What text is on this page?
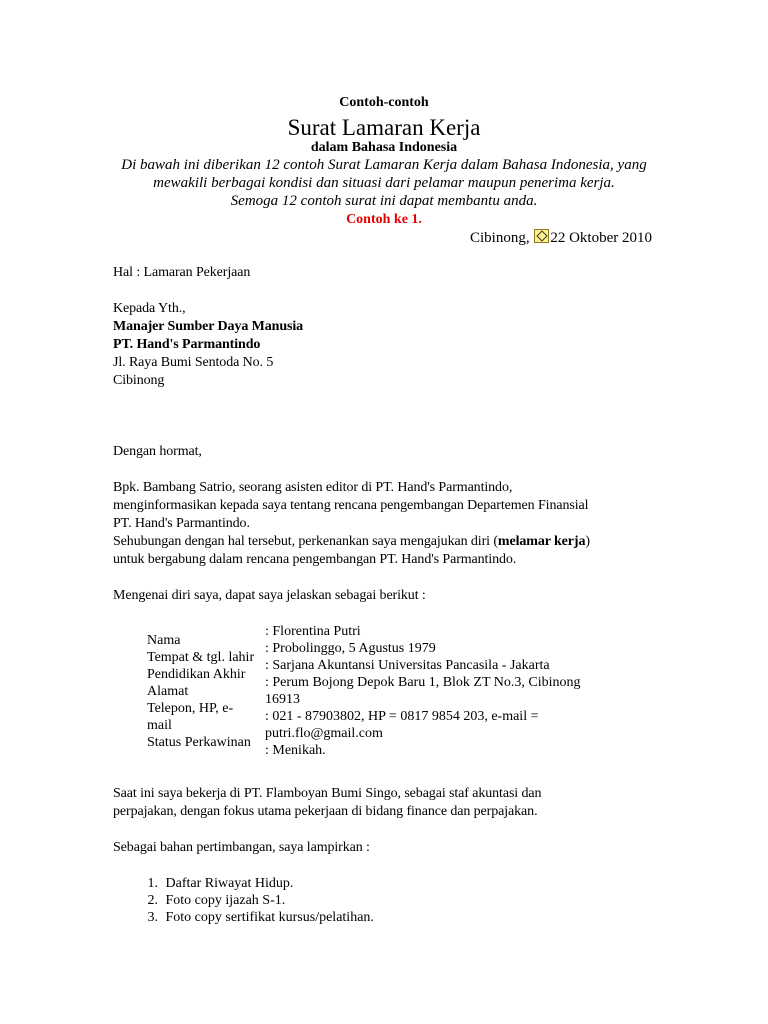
Contoh-contoh
Surat Lamaran Kerja
dalam Bahasa Indonesia
Di bawah ini diberikan 12 contoh Surat Lamaran Kerja dalam Bahasa Indonesia, yang
mewakili berbagai kondisi dan situasi dari pelamar maupun penerima kerja.
Semoga 12 contoh surat ini dapat membantu anda.
Contoh ke 1.
Cibinong, 22 Oktober 2010
Hal : Lamaran Pekerjaan
Kepada Yth.,
Manajer Sumber Daya Manusia
PT. Hand's Parmantindo
Jl. Raya Bumi Sentoda No. 5
Cibinong
Dengan hormat,
Bpk. Bambang Satrio, seorang asisten editor di PT. Hand's Parmantindo,
menginformasikan kepada saya tentang rencana pengembangan Departemen Finansial
PT. Hand's Parmantindo.
Sehubungan dengan hal tersebut, perkenankan saya mengajukan diri (melamar kerja)
untuk bergabung dalam rencana pengembangan PT. Hand's Parmantindo.
Mengenai diri saya, dapat saya jelaskan sebagai berikut :
Nama
Tempat & tgl. lahir
Pendidikan Akhir
Alamat
Telepon, HP, e-
mail
Status Perkawinan
: Florentina Putri
: Probolinggo, 5 Agustus 1979
: Sarjana Akuntansi Universitas Pancasila - Jakarta
: Perum Bojong Depok Baru 1, Blok ZT No.3, Cibinong
16913
: 021 - 87903802, HP = 0817 9854 203, e-mail =
putri.flo@gmail.com
: Menikah.
Saat ini saya bekerja di PT. Flamboyan Bumi Singo, sebagai staf akuntasi dan
perpajakan, dengan fokus utama pekerjaan di bidang finance dan perpajakan.
Sebagai bahan pertimbangan, saya lampirkan :
1. Daftar Riwayat Hidup.
2. Foto copy ijazah S-1.
3. Foto copy sertifikat kursus/pelatihan.
